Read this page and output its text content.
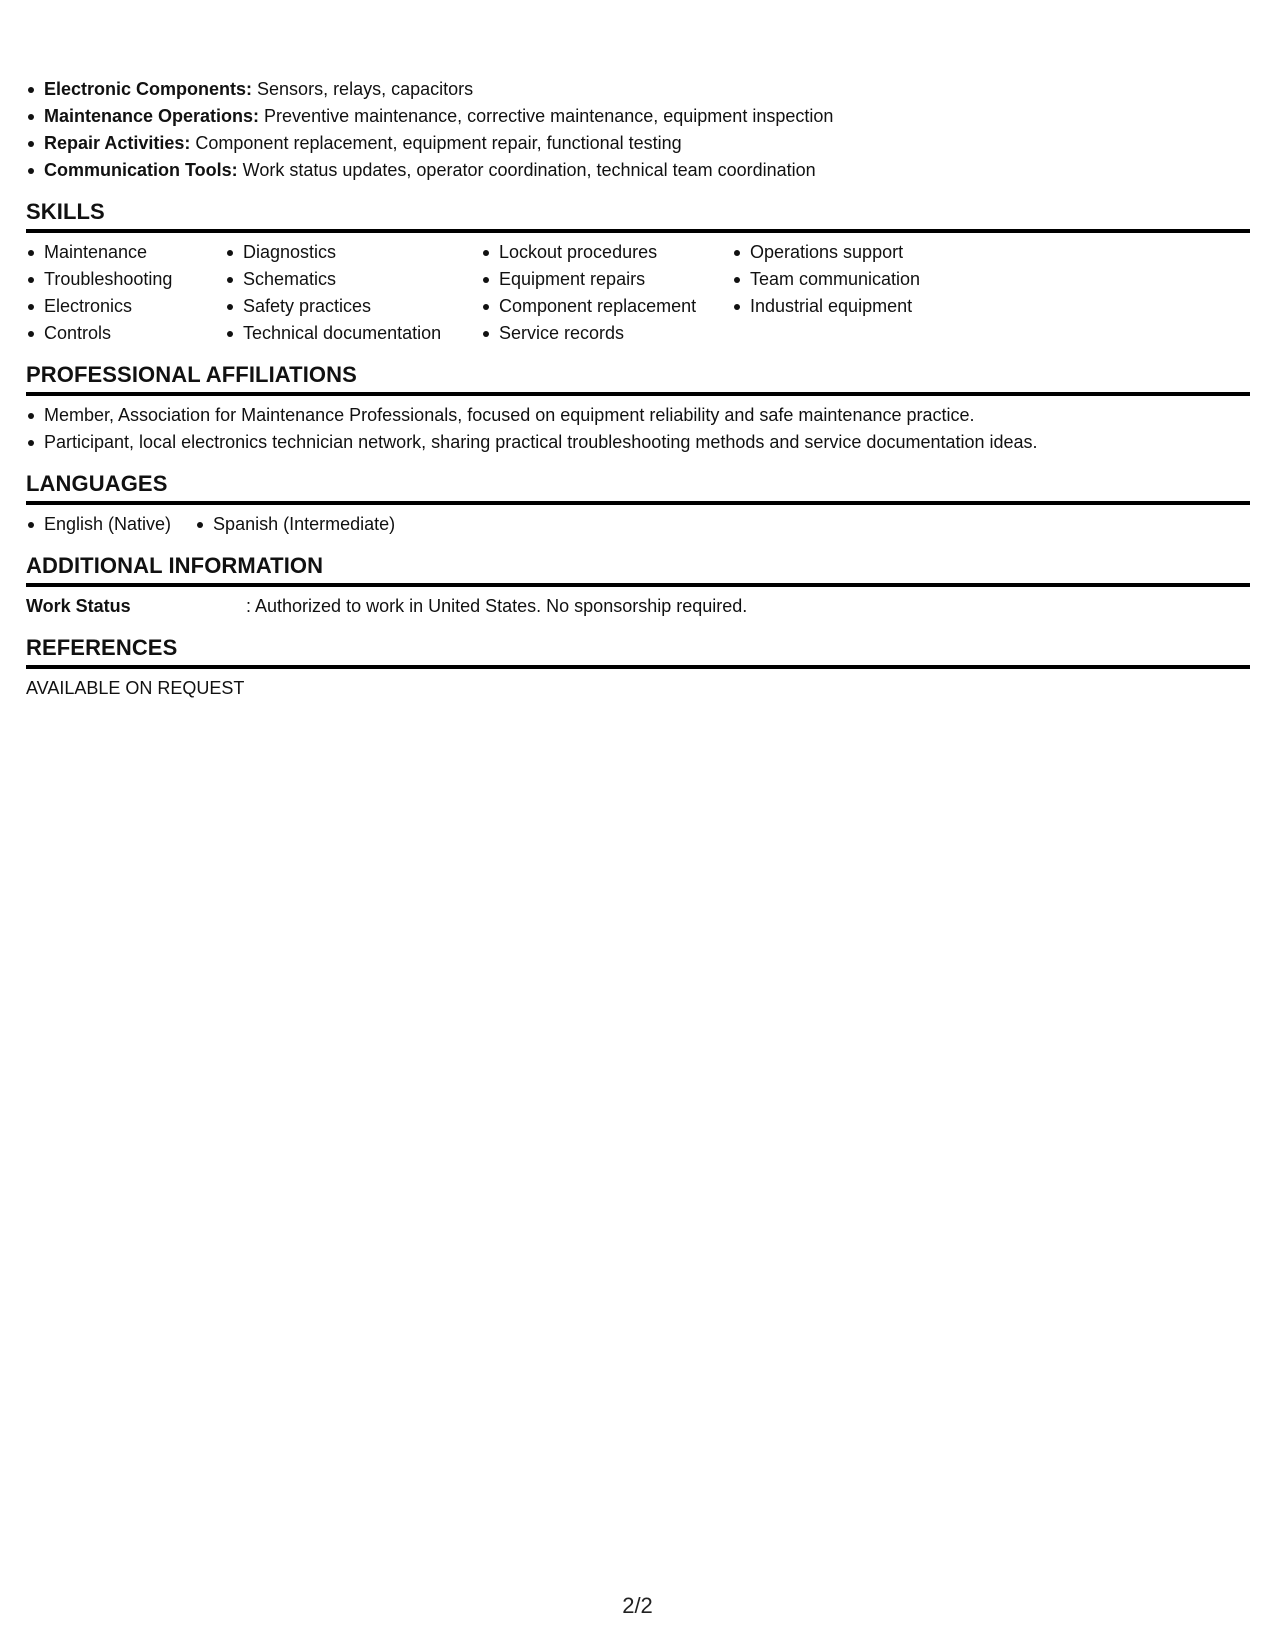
Electronic Components: Sensors, relays, capacitors
Maintenance Operations: Preventive maintenance, corrective maintenance, equipment inspection
Repair Activities: Component replacement, equipment repair, functional testing
Communication Tools: Work status updates, operator coordination, technical team coordination
SKILLS
Maintenance
Troubleshooting
Electronics
Controls
Diagnostics
Schematics
Safety practices
Technical documentation
Lockout procedures
Equipment repairs
Component replacement
Service records
Operations support
Team communication
Industrial equipment
PROFESSIONAL AFFILIATIONS
Member, Association for Maintenance Professionals, focused on equipment reliability and safe maintenance practice.
Participant, local electronics technician network, sharing practical troubleshooting methods and service documentation ideas.
LANGUAGES
English (Native)	Spanish (Intermediate)
ADDITIONAL INFORMATION
Work Status	: Authorized to work in United States. No sponsorship required.
REFERENCES
AVAILABLE ON REQUEST
2/2
